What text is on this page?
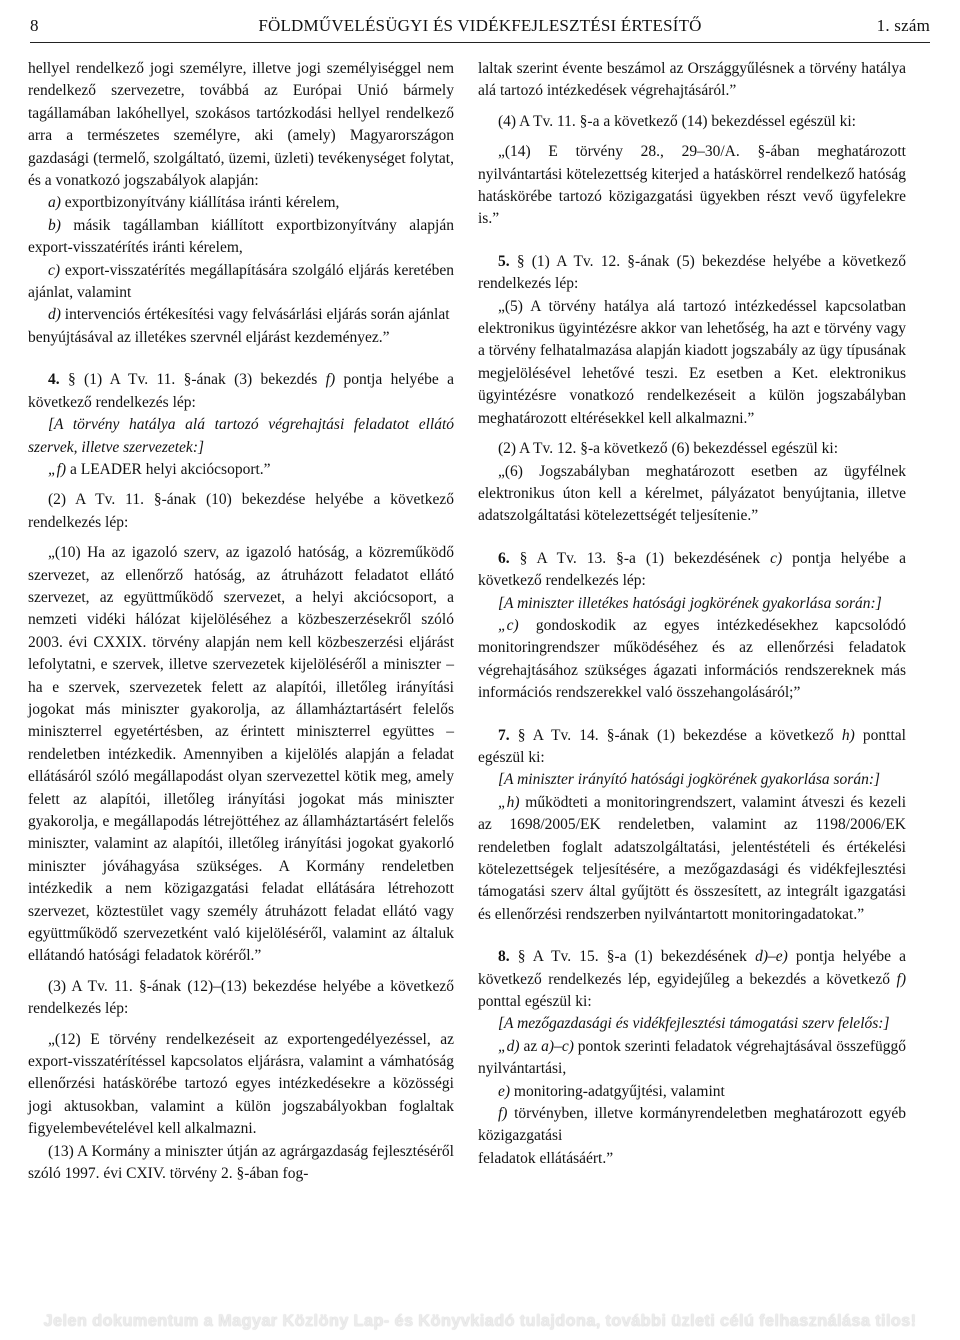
8	FÖLDMŰVELÉSÜGYI ÉS VIDÉKFEJLESZTÉSI ÉRTESÍTŐ	1. szám

hellyel rendelkező jogi személyre, illetve jogi személyiséggel nem rendelkező szervezetre, továbbá az Európai Unió bármely tagállamában lakóhellyel, szokásos tartózkodási hellyel rendelkező arra a természetes személyre, aki (amely) Magyarországon gazdasági (termelő, szolgáltató, üzemi, üzleti) tevékenységet folytat, és a vonatkozó jogszabályok alapján:

a) exportbizonyítvány kiállítása iránti kérelem,

b) másik tagállamban kiállított exportbizonyítvány alapján export-visszatérítés iránti kérelem,

c) export-visszatérítés megállapítására szolgáló eljárás keretében ajánlat, valamint

d) intervenciós értékesítési vagy felvásárlási eljárás során ajánlat

benyújtásával az illetékes szervnél eljárást kezdeményez.”

4. § (1) A Tv. 11. §-ának (3) bekezdés f) pontja helyébe a következő rendelkezés lép:

[A törvény hatálya alá tartozó végrehajtási feladatot ellátó szervek, illetve szervezetek:]

„f) a LEADER helyi akciócsoport.”

(2) A Tv. 11. §-ának (10) bekezdése helyébe a következő rendelkezés lép:

„(10) Ha az igazoló szerv, az igazoló hatóság, a közreműködő szervezet, az ellenőrző hatóság, az átruházott feladatot ellátó szervezet, az együttműködő szervezet, a helyi akciócsoport, a nemzeti vidéki hálózat kijelöléséhez a közbeszerzésekről szóló 2003. évi CXXIX. törvény alapján nem kell közbeszerzési eljárást lefolytatni, e szervek, illetve szervezetek kijelöléséről a miniszter – ha e szervek, szervezetek felett az alapítói, illetőleg irányítási jogokat más miniszter gyakorolja, az államháztartásért felelős miniszterrel egyetértésben, az érintett miniszterrel együttes – rendeletben intézkedik. Amennyiben a kijelölés alapján a feladat ellátásáról szóló megállapodást olyan szervezettel kötik meg, amely felett az alapítói, illetőleg irányítási jogokat más miniszter gyakorolja, e megállapodás létrejöttéhez az államháztartásért felelős miniszter, valamint az alapítói, illetőleg irányítási jogokat gyakorló miniszter jóváhagyása szükséges. A Kormány rendeletben intézkedik a nem közigazgatási feladat ellátására létrehozott szervezet, köztestület vagy személy átruházott feladat ellátó vagy együttműködő szervezetként való kijelöléséről, valamint az általuk ellátandó hatósági feladatok köréről.”

(3) A Tv. 11. §-ának (12)–(13) bekezdése helyébe a következő rendelkezés lép:

„(12) E törvény rendelkezéseit az exportengedélyezéssel, az export-visszatérítéssel kapcsolatos eljárásra, valamint a vámhatóság ellenőrzési hatáskörébe tartozó egyes intézkedésekre a közösségi jogi aktusokban, valamint a külön jogszabályokban foglaltak figyelembevételével kell alkalmazni.

(13) A Kormány a miniszter útján az agrárgazdaság fejlesztéséről szóló 1997. évi CXIV. törvény 2. §-ában fog-

laltak szerint évente beszámol az Országgyűlésnek a törvény hatálya alá tartozó intézkedések végrehajtásáról.”

(4) A Tv. 11. §-a a következő (14) bekezdéssel egészül ki:

„(14) E törvény 28., 29–30/A. §-ában meghatározott nyilvántartási kötelezettség kiterjed a hatáskörrel rendelkező hatóság hatáskörébe tartozó közigazgatási ügyekben részt vevő ügyfelekre is.”

5. § (1) A Tv. 12. §-ának (5) bekezdése helyébe a következő rendelkezés lép:

„(5) A törvény hatálya alá tartozó intézkedéssel kapcsolatban elektronikus ügyintézésre akkor van lehetőség, ha azt e törvény vagy a törvény felhatalmazása alapján kiadott jogszabály az ügy típusának megjelölésével lehetővé teszi. Ez esetben a Ket. elektronikus ügyintézésre vonatkozó rendelkezéseit a külön jogszabályban meghatározott eltérésekkel kell alkalmazni.”

(2) A Tv. 12. §-a következő (6) bekezdéssel egészül ki:

„(6) Jogszabályban meghatározott esetben az ügyfélnek elektronikus úton kell a kérelmet, pályázatot benyújtania, illetve adatszolgáltatási kötelezettségét teljesítenie.”

6. § A Tv. 13. §-a (1) bekezdésének c) pontja helyébe a következő rendelkezés lép:

[A miniszter illetékes hatósági jogkörének gyakorlása során:]

„c) gondoskodik az egyes intézkedésekhez kapcsolódó monitoringrendszer működéséhez és az ellenőrzési feladatok végrehajtásához szükséges ágazati információs rendszereknek más információs rendszerekkel való összehangolásáról;”

7. § A Tv. 14. §-ának (1) bekezdése a következő h) ponttal egészül ki:

[A miniszter irányító hatósági jogkörének gyakorlása során:]

„h) működteti a monitoringrendszert, valamint átveszi és kezeli az 1698/2005/EK rendeletben, valamint az 1198/2006/EK rendeletben foglalt adatszolgáltatási, jelentéstételi és értékelési kötelezettségek teljesítésére, a mezőgazdasági és vidékfejlesztési támogatási szerv által gyűjtött és összesített, az integrált igazgatási és ellenőrzési rendszerben nyilvántartott monitoringadatokat.”

8. § A Tv. 15. §-a (1) bekezdésének d)–e) pontja helyébe a következő rendelkezés lép, egyidejűleg a bekezdés a következő f) ponttal egészül ki:

[A mezőgazdasági és vidékfejlesztési támogatási szerv felelős:]

„d) az a)–c) pontok szerinti feladatok végrehajtásával összefüggő nyilvántartási,

e) monitoring-adatgyűjtési, valamint

f) törvényben, illetve kormányrendeletben meghatározott egyéb közigazgatási

feladatok ellátásáért.”

Jelen dokumentum a Magyar Közlöny Lap- és Könyvkiadó tulajdona, további üzleti célú felhasználása tilos!
